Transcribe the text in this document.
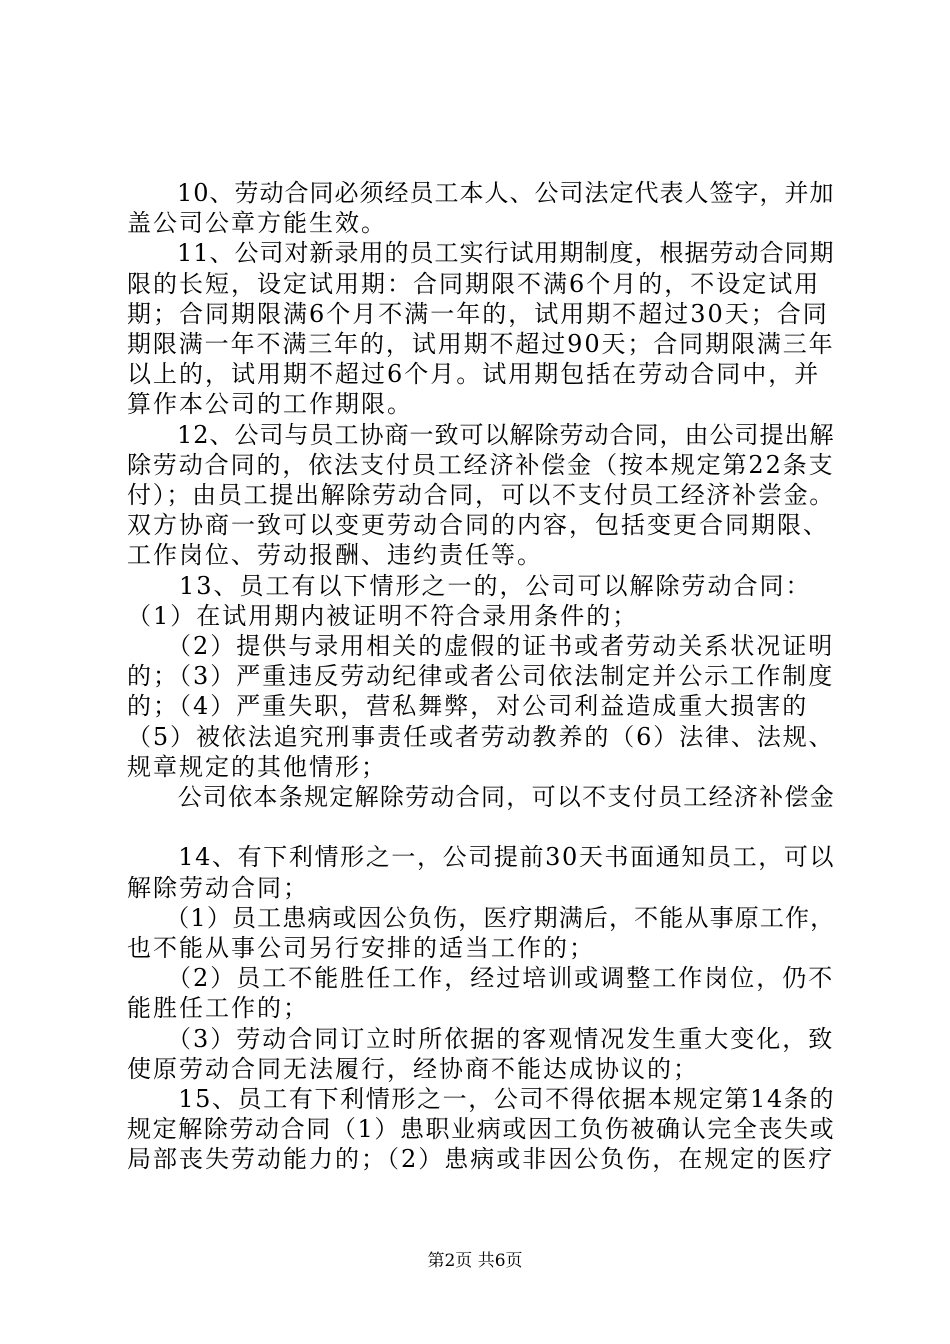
　　10、劳动合同必须经员工本人、公司法定代表人签字，并加
盖公司公章方能生效。
　　11、公司对新录用的员工实行试用期制度，根据劳动合同期
限的长短，设定试用期：合同期限不满6个月的，不设定试用
期；合同期限满6个月不满一年的，试用期不超过30天；合同
期限满一年不满三年的，试用期不超过90天；合同期限满三年
以上的，试用期不超过6个月。试用期包括在劳动合同中，并
算作本公司的工作期限。
　　12、公司与员工协商一致可以解除劳动合同，由公司提出解
除劳动合同的，依法支付员工经济补偿金（按本规定第22条支
付）；由员工提出解除劳动合同，可以不支付员工经济补尝金。
双方协商一致可以变更劳动合同的内容，包括变更合同期限、
工作岗位、劳动报酬、违约责任等。
　　13、员工有以下情形之一的，公司可以解除劳动合同：
（1）在试用期内被证明不符合录用条件的；
　　（2）提供与录用相关的虚假的证书或者劳动关系状况证明
的；（3）严重违反劳动纪律或者公司依法制定并公示工作制度
的；（4）严重失职，营私舞弊，对公司利益造成重大损害的
（5）被依法追究刑事责任或者劳动教养的（6）法律、法规、
规章规定的其他情形；
　　公司依本条规定解除劳动合同，可以不支付员工经济补偿金
　　14、有下利情形之一，公司提前30天书面通知员工，可以
解除劳动合同；
　　（1）员工患病或因公负伤，医疗期满后，不能从事原工作，
也不能从事公司另行安排的适当工作的；
　　（2）员工不能胜任工作，经过培训或调整工作岗位，仍不
能胜任工作的；
　　（3）劳动合同订立时所依据的客观情况发生重大变化，致
使原劳动合同无法履行，经协商不能达成协议的；
　　15、员工有下利情形之一，公司不得依据本规定第14条的
规定解除劳动合同（1）患职业病或因工负伤被确认完全丧失或
局部丧失劳动能力的；（2）患病或非因公负伤，在规定的医疗
第2页 共6页
